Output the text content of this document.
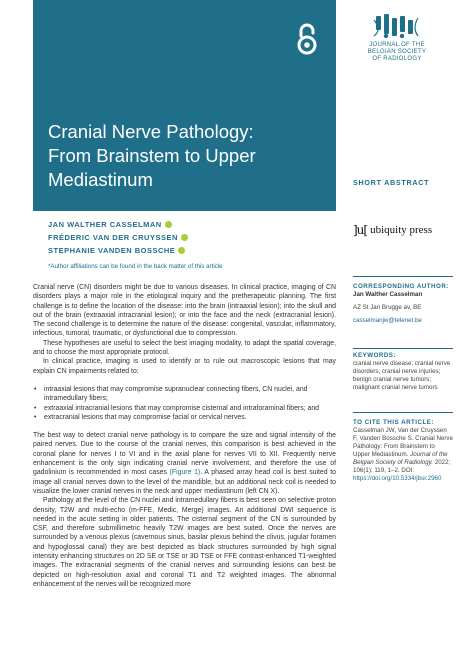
Cranial Nerve Pathology:
From Brainstem to Upper
Mediastinum
JOURNAL OF THE
BELGIAN SOCIETY
OF RADIOLOGY
SHORT ABSTRACT
]u[ ubiquity press
JAN WALTHER CASSELMAN
FRÉDERIC VAN DER CRUYSSEN
STEPHANIE VANDEN BOSSCHE
*Author affiliations can be found in the back matter of this article

Cranial nerve (CN) disorders might be due to various diseases. In clinical practice, imaging of CN disorders plays a major role in the etiological inquiry and the pretherapeutic planning. The first challenge is to define the location of the disease: into the brain (intraaxial lesion); into the skull and out of the brain (extraaxial intracranial lesion); or into the face and the neck (extracranial lesion). The second challenge is to determine the nature of the disease: congenital, vascular, inflammatory, infectious, tumoral, traumatic, or dysfunctional due to compression.

These hypotheses are useful to select the best imaging modality, to adapt the spatial coverage, and to choose the most appropriate protocol.

In clinical practice, imaging is used to identify or to rule out macroscopic lesions that may explain CN impairments related to:

• intraaxial lesions that may compromise supranuclear connecting fibers, CN nuclei, and intramedullary fibers;
• extraaxial intracranial lesions that may compromise cisternal and intraforaminal fibers; and
• extracranial lesions that may compromise facial or cervical nerves.

The best way to detect cranial nerve pathology is to compare the size and signal intensity of the paired nerves. Due to the course of the cranial nerves, this comparison is best achieved in the coronal plane for nerves I to VI and in the axial plane for nerves VII to XII. Frequently nerve enhancement is the only sign indicating cranial nerve involvement, and therefore the use of gadolinium is recommended in most cases (Figure 1). A phased array head coil is best suited to image all cranial nerves down to the level of the mandible, but an additional neck coil is needed to visualize the lower cranial nerves in the neck and upper mediastinum (left CN X).

Pathology at the level of the CN nuclei and intramedullary fibers is best seen on selective proton density, T2W and multi-echo (m-FFE, Medic, Merge) images. An additional DWI sequence is needed in the acute setting in older patients. The cisternal segment of the CN is surrounded by CSF, and therefore submillimetric heavily T2W images are best suited. Once the nerves are surrounded by a venous plexus (cavernous sinus, basilar plexus behind the clivus, jugular foramen and hypoglossal canal) they are best depicted as black structures surrounded by high signal intensity enhancing structures on 2D SE or TSE or 3D TSE or FFE contrast-enhanced T1-weighted images. The extracranial segments of the cranial nerves and surrounding lesions can best be depicted on high-resolution axial and coronal T1 and T2 weighted images. The abnormal enhancement of the nerves will be recognized more

CORRESPONDING AUTHOR:
Jan Walther Casselman
AZ St Jan Brugge av, BE
casselmanjw@telenet.be
KEYWORDS:
cranial nerve disease; cranial nerve disorders; cranial nerve injuries; benign cranial nerve tumors; malignant cranial nerve tumors
TO CITE THIS ARTICLE:
Casselman JW, Van der Cruyssen F, Vanden Bossche S. Cranial Nerve Pathology: From Brainstem to Upper Mediastinum. Journal of the Belgian Society of Radiology. 2022; 106(1): 119, 1–2. DOI: https://doi.org/10.5334/jbsr.2960
